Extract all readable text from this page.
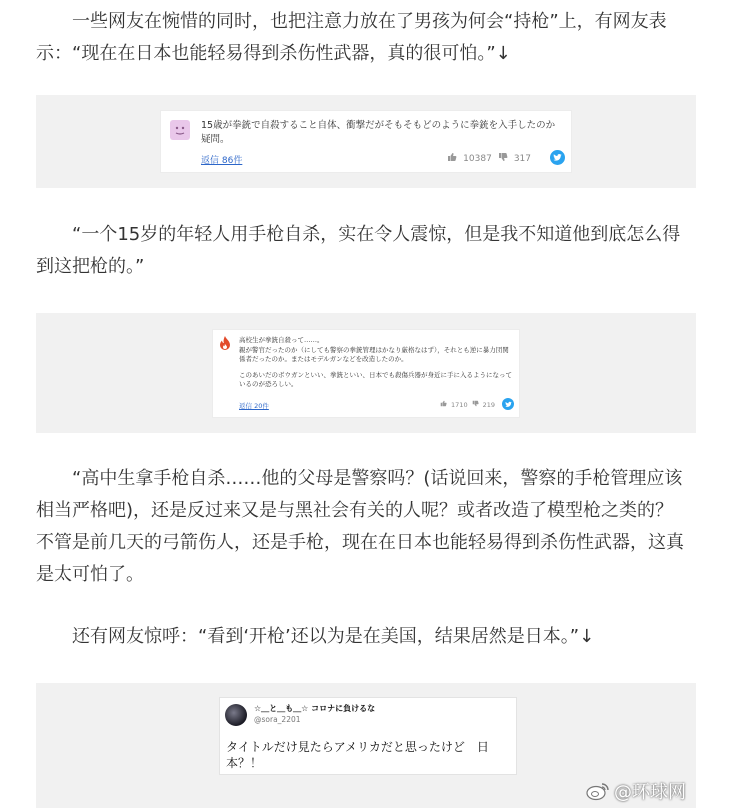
一些网友在惋惜的同时，也把注意力放在了男孩为何会“持枪”上，有网友表示：“现在在日本也能轻易得到杀伤性武器，真的很可怕。”↓

15歳が拳銃で自殺すること自体、衝撃だがそもそもどのように拳銃を入手したのか疑問。
返信 86件	10387 317

“一个15岁的年轻人用手枪自杀，实在令人震惊，但是我不知道他到底怎么得到这把枪的。”

高校生が拳銃自殺って……。
親が警官だったのか（にしても警察の拳銃管理はかなり厳格なはず），それとも逆に暴力団関係者だったのか。またはモデルガンなどを改造したのか。
このあいだのボウガンといい、拳銃といい、日本でも殺傷兵器が身近に手に入るようになっているのが恐ろしい。
返信 20件	1710 219

“高中生拿手枪自杀……他的父母是警察吗？(话说回来，警察的手枪管理应该相当严格吧)，还是反过来又是与黑社会有关的人呢？或者改造了模型枪之类的？ 不管是前几天的弓箭伤人，还是手枪，现在在日本也能轻易得到杀伤性武器，这真是太可怕了。

还有网友惊呼：“看到‘开枪’还以为是在美国，结果居然是日本。”↓

☆＿と＿も＿☆ コロナに負けるな
@sora_2201
タイトルだけ見たらアメリカだと思ったけど　日本？！
@环球网
